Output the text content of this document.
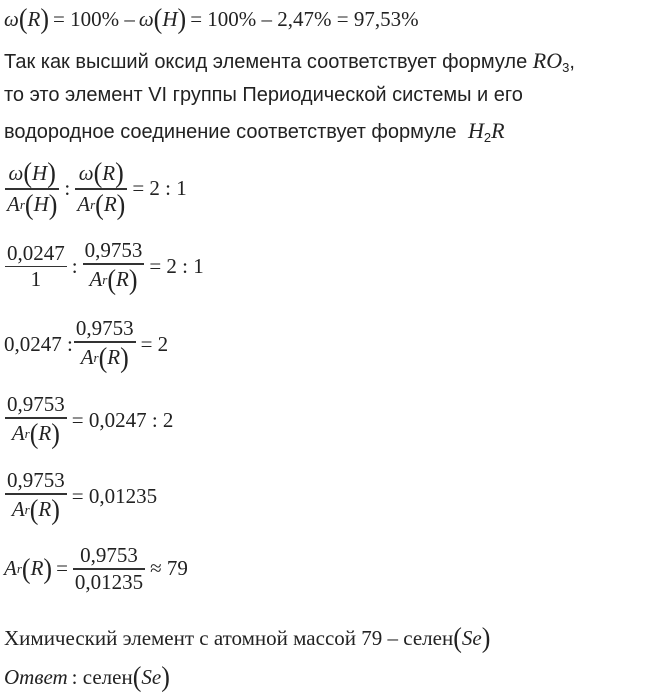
ω ( R ) = 100% – ω ( H ) = 100% – 2,47% = 97,53%
Так как высший оксид элемента соответствует формуле $RO_3$,
то это элемент VI группы Периодической системы и его
водородное соединение соответствует формуле $H_2R$
$\frac{\omega ( H )}{\text{A r ( H )}}$ : $\frac{\omega ( R )}{\text{A r ( R )}} = 2$ : 1
$\frac{0,0247}{1}$ : $\frac{0,9753}{\text{A r ( R )}} = 2$ : 1
0,0247 : $\frac{0,9753}{\text{A r ( R )}} = 2$
$\frac{0,9753}{\text{A r ( R )}} = 0,0247$ : 2
$\frac{0,9753}{\text{A r ( R )}} = 0,01235$
A r ( R ) = $\frac{0,9753}{0,01235} \approx 79$
Химический элемент с атомной массой 79 – селен ( Se )
Ответ : селен ( Se )
